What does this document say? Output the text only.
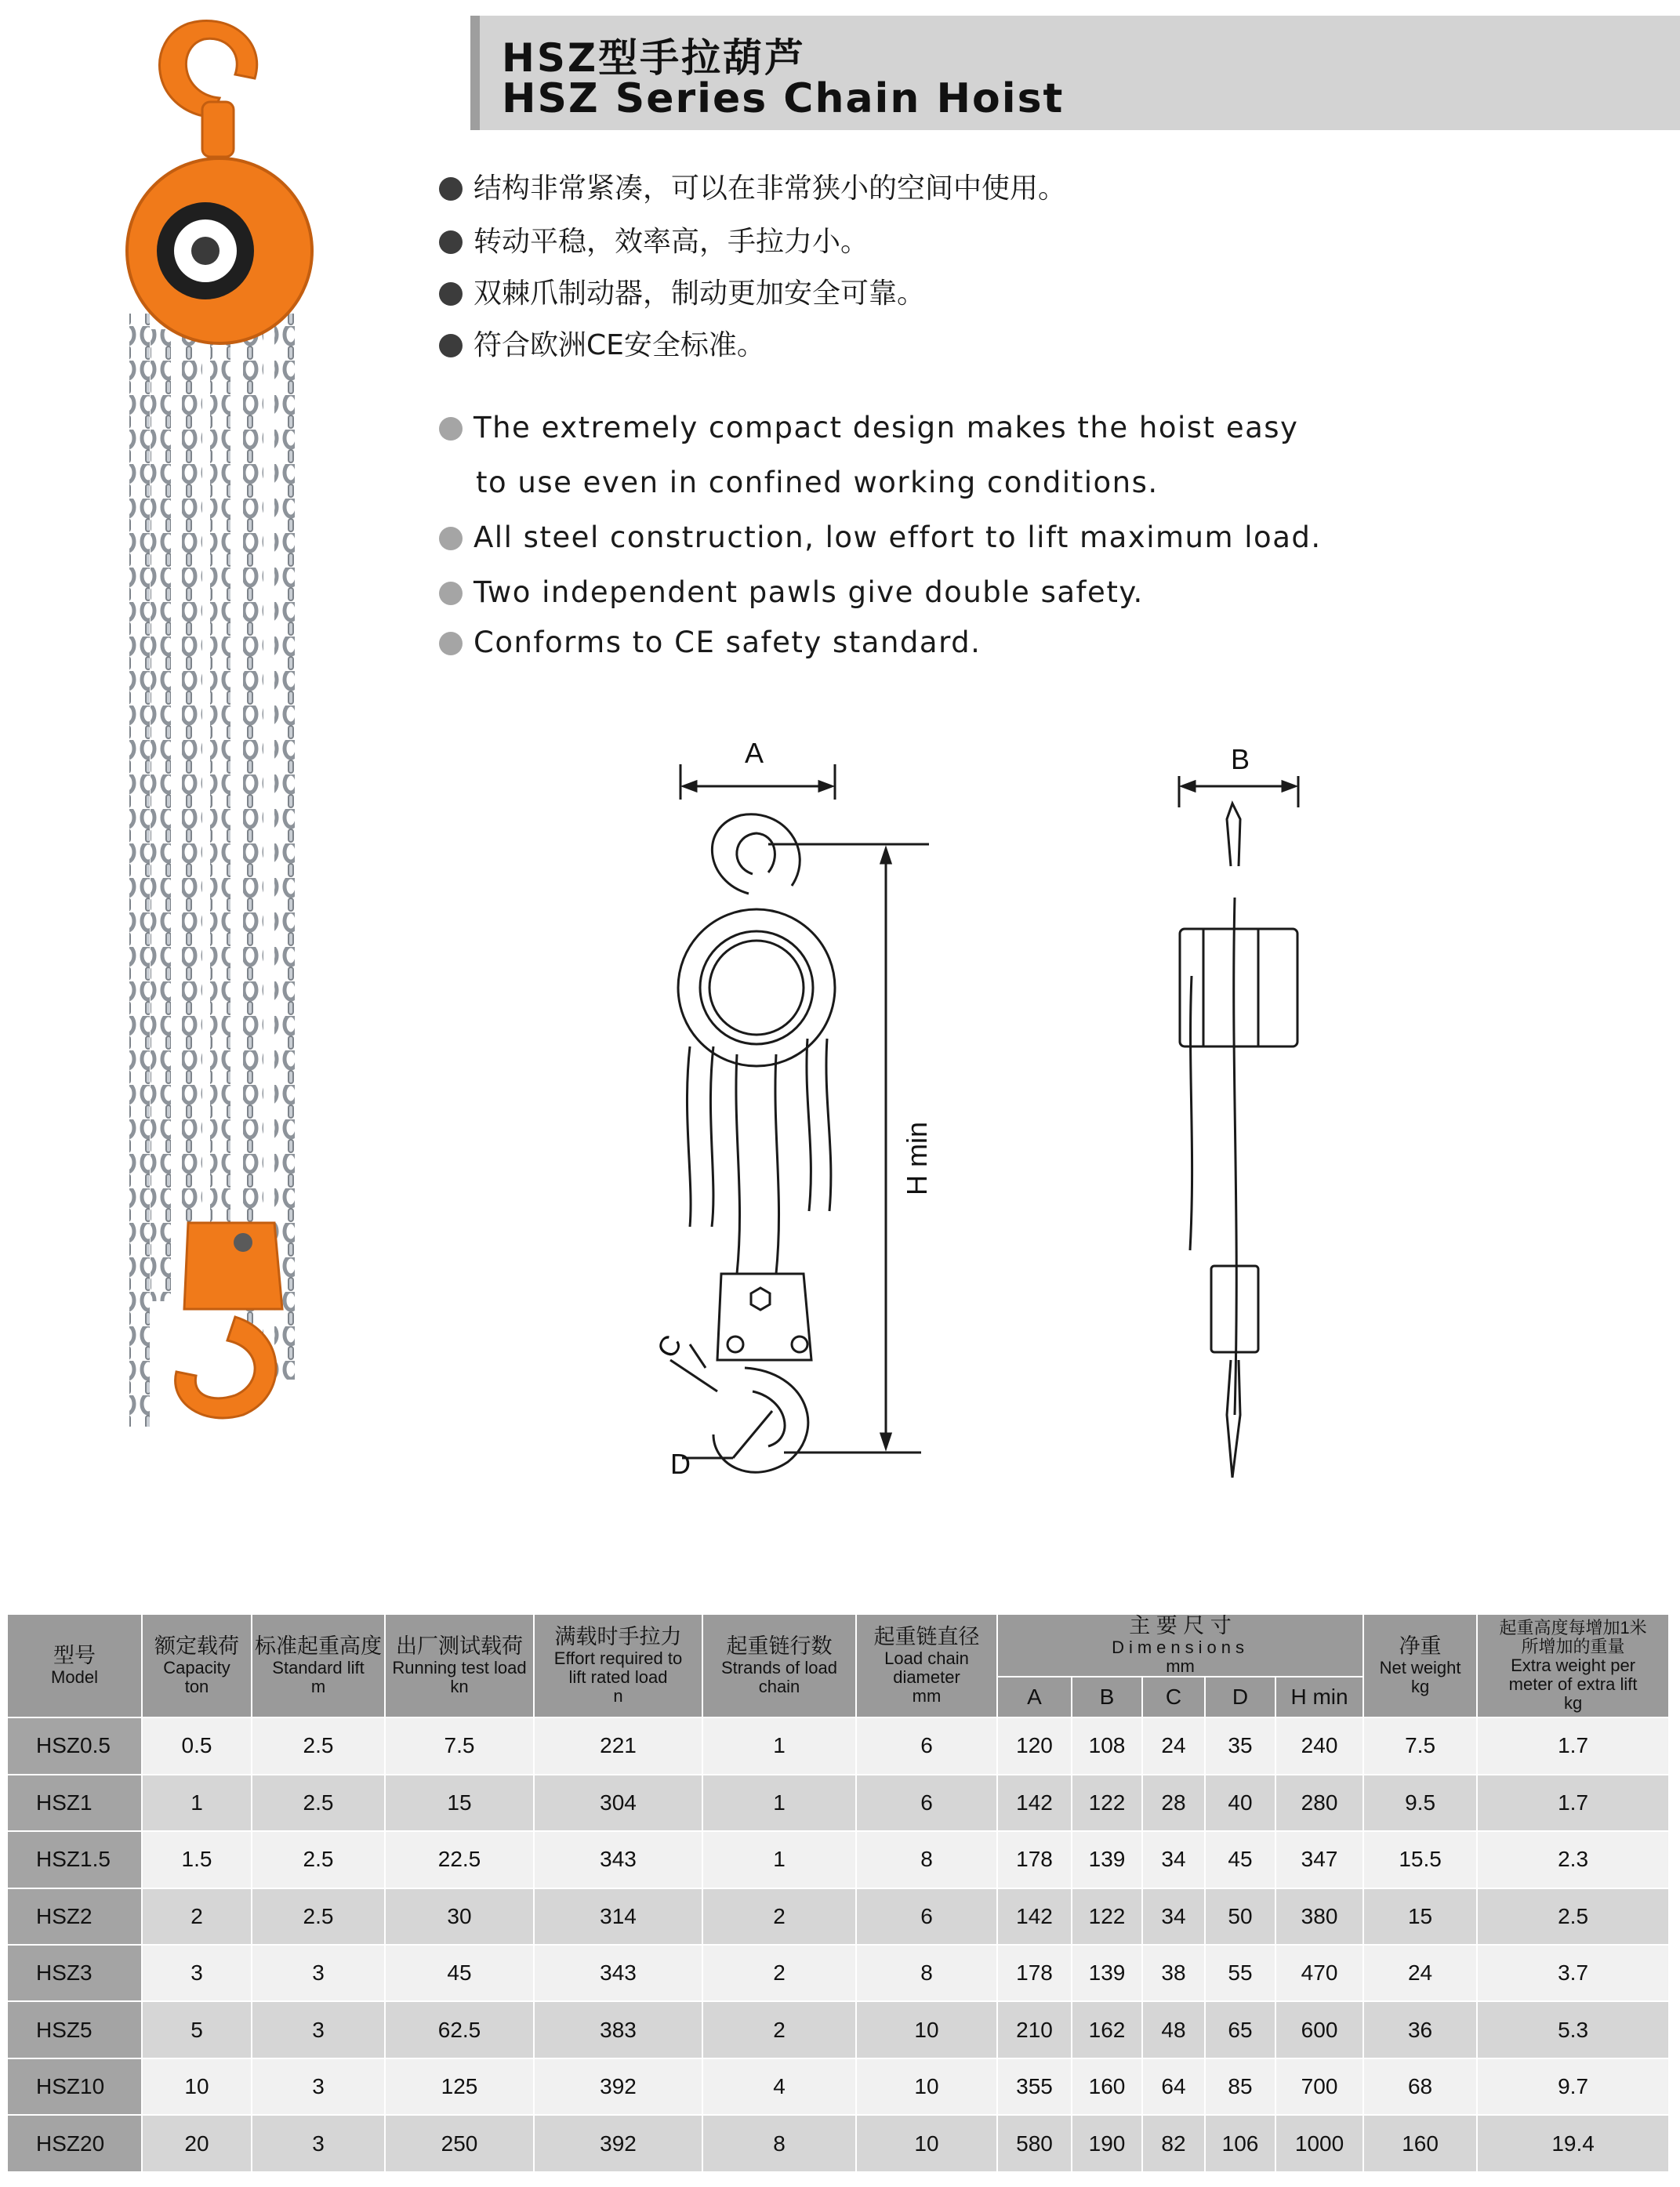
HSZ型手拉葫芦
HSZ Series Chain Hoist
结构非常紧凑，可以在非常狭小的空间中使用。
转动平稳，效率高，手拉力小。
双棘爪制动器，制动更加安全可靠。
符合欧洲CE安全标准。
The extremely compact design makes the hoist easy
to use even in confined working conditions.
All steel construction, low effort to lift maximum load.
Two independent pawls give double safety.
Conforms to CE safety standard.
A
H min
C
D
B
型号
Model	额定载荷
Capacity
ton	标准起重高度
Standard lift
m	出厂测试载荷
Running test load
kn	满载时手拉力
Effort required to
lift rated load
n	起重链行数
Strands of load
chain	起重链直径
Load chain
diameter
mm	主 要 尺 寸
Dimensions
mm					净重
Net weight
kg	起重高度每增加1米
所增加的重量
Extra weight per
meter of extra lift
kg

							A	B	C	D	H min		
HSZ0.5	0.5	2.5	7.5	221	1	6	120	108	24	35	240	7.5	1.7
HSZ1	1	2.5	15	304	1	6	142	122	28	40	280	9.5	1.7
HSZ1.5	1.5	2.5	22.5	343	1	8	178	139	34	45	347	15.5	2.3
HSZ2	2	2.5	30	314	2	6	142	122	34	50	380	15	2.5
HSZ3	3	3	45	343	2	8	178	139	38	55	470	24	3.7
HSZ5	5	3	62.5	383	2	10	210	162	48	65	600	36	5.3
HSZ10	10	3	125	392	4	10	355	160	64	85	700	68	9.7
HSZ20	20	3	250	392	8	10	580	190	82	106	1000	160	19.4
